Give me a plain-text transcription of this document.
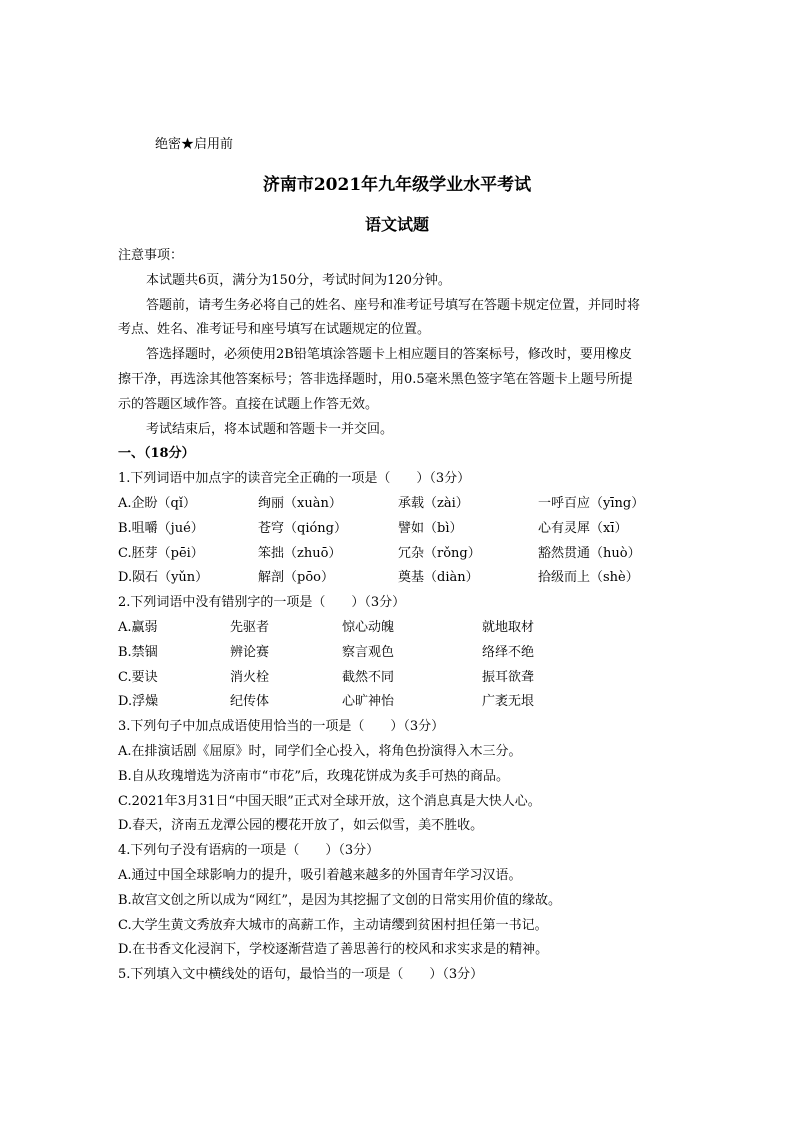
绝密★启用前
济南市2021年九年级学业水平考试
语文试题
注意事项：
本试题共6页，满分为150分，考试时间为120分钟。
答题前，请考生务必将自己的姓名、座号和准考证号填写在答题卡规定位置，并同时将
考点、姓名、准考证号和座号填写在试题规定的位置。
答选择题时，必须使用2B铅笔填涂答题卡上相应题目的答案标号，修改时，要用橡皮
擦干净，再选涂其他答案标号；答非选择题时，用0.5毫米黑色签字笔在答题卡上题号所提
示的答题区域作答。直接在试题上作答无效。
考试结束后，将本试题和答题卡一并交回。
一、（18分）
1.下列词语中加点字的读音完全正确的一项是（　　）（3分）
A.企盼（qǐ）	绚丽（xuàn）	承载（zài）	一呼百应（yīng）
B.咀嚼（jué）	苍穹（qióng）	譬如（bì）	心有灵犀（xī）
C.胚芽（pēi）	笨拙（zhuō）	冗杂（rǒng）	豁然贯通（huò）
D.陨石（yǔn）	解剖（pōo）	奠基（diàn）	拾级而上（shè）
2.下列词语中没有错别字的一项是（　　）（3分）
A.赢弱	先驱者	惊心动魄	就地取材
B.禁锢	辨论赛	察言观色	络绎不绝
C.要诀	消火栓	截然不同	振耳欲聋
D.浮燥	纪传体	心旷神怡	广袤无垠
3.下列句子中加点成语使用恰当的一项是（　　）（3分）
A.在排演话剧《屈原》时，同学们全心投入，将角色扮演得入木三分。
B.自从玫瑰增选为济南市“市花”后，玫瑰花饼成为炙手可热的商品。
C.2021年3月31日“中国天眼”正式对全球开放，这个消息真是大快人心。
D.春天，济南五龙潭公园的樱花开放了，如云似雪，美不胜收。
4.下列句子没有语病的一项是（　　）（3分）
A.通过中国全球影响力的提升，吸引着越来越多的外国青年学习汉语。
B.故宫文创之所以成为“网红”，是因为其挖掘了文创的日常实用价值的缘故。
C.大学生黄文秀放弃大城市的高薪工作，主动请缨到贫困村担任第一书记。
D.在书香文化浸润下，学校逐渐营造了善思善行的校风和求实求是的精神。
5.下列填入文中横线处的语句，最恰当的一项是（　　）（3分）
